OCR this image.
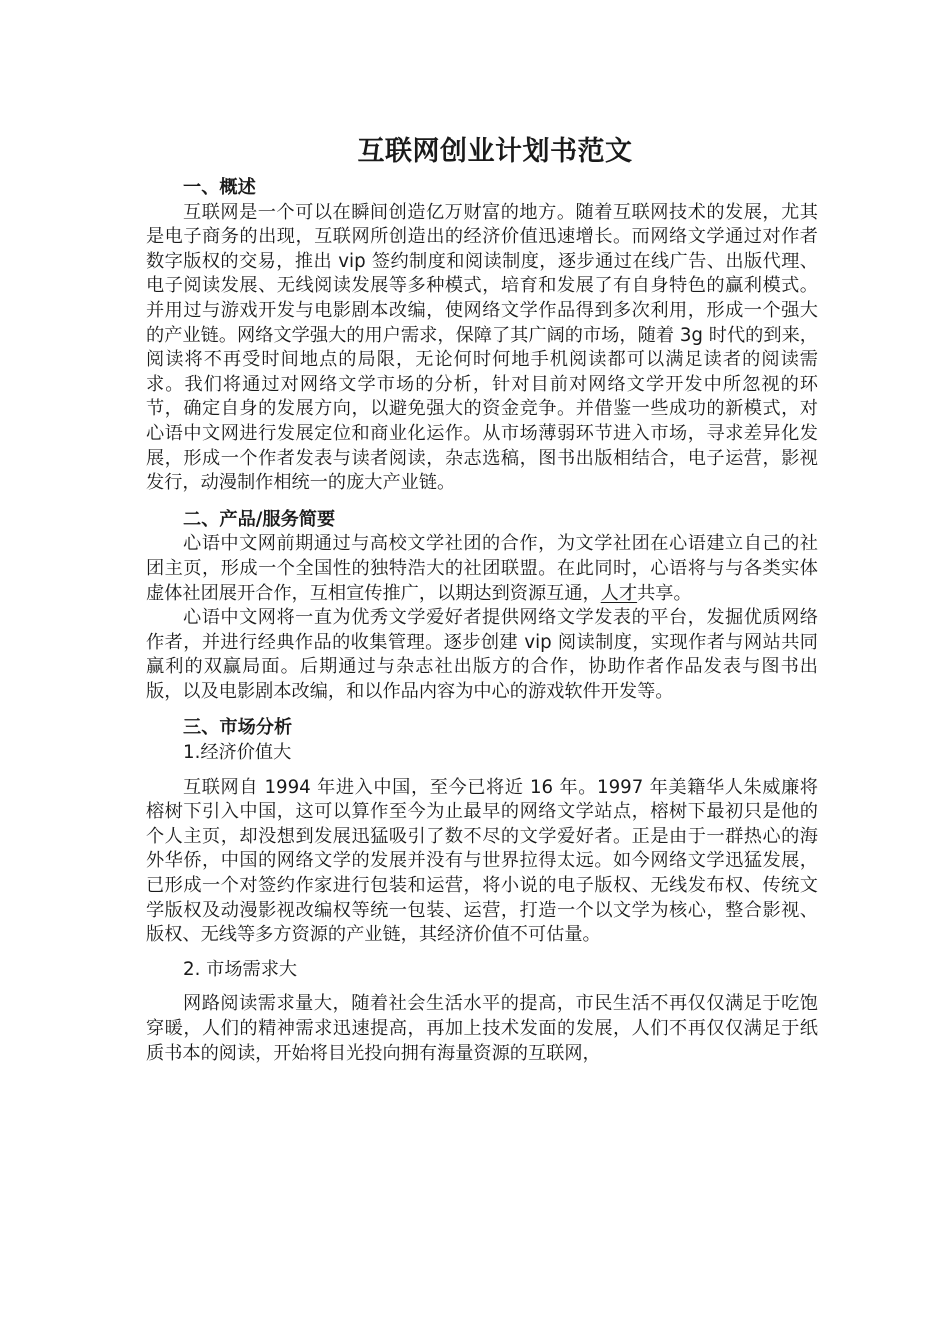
互联网创业计划书范文

一、概述

互联网是一个可以在瞬间创造亿万财富的地方。随着互联网技术的发展，尤其是电子商务的出现，互联网所创造出的经济价值迅速增长。而网络文学通过对作者数字版权的交易，推出 vip 签约制度和阅读制度，逐步通过在线广告、出版代理、电子阅读发展、无线阅读发展等多种模式，培育和发展了有自身特色的赢利模式。并用过与游戏开发与电影剧本改编，使网络文学作品得到多次利用，形成一个强大的产业链。网络文学强大的用户需求，保障了其广阔的市场，随着 3g 时代的到来，阅读将不再受时间地点的局限，无论何时何地手机阅读都可以满足读者的阅读需求。我们将通过对网络文学市场的分析，针对目前对网络文学开发中所忽视的环节，确定自身的发展方向，以避免强大的资金竞争。并借鉴一些成功的新模式，对心语中文网进行发展定位和商业化运作。从市场薄弱环节进入市场，寻求差异化发展，形成一个作者发表与读者阅读，杂志选稿，图书出版相结合，电子运营，影视发行，动漫制作相统一的庞大产业链。

二、产品/服务简要

心语中文网前期通过与高校文学社团的合作，为文学社团在心语建立自己的社团主页，形成一个全国性的独特浩大的社团联盟。在此同时，心语将与与各类实体虚体社团展开合作，互相宣传推广，以期达到资源互通，人才共享。

心语中文网将一直为优秀文学爱好者提供网络文学发表的平台，发掘优质网络作者，并进行经典作品的收集管理。逐步创建 vip 阅读制度，实现作者与网站共同赢利的双赢局面。后期通过与杂志社出版方的合作，协助作者作品发表与图书出版，以及电影剧本改编，和以作品内容为中心的游戏软件开发等。

三、市场分析

1.经济价值大

互联网自 1994 年进入中国，至今已将近 16 年。1997 年美籍华人朱威廉将榕树下引入中国，这可以算作至今为止最早的网络文学站点，榕树下最初只是他的个人主页，却没想到发展迅猛吸引了数不尽的文学爱好者。正是由于一群热心的海外华侨，中国的网络文学的发展并没有与世界拉得太远。如今网络文学迅猛发展，已形成一个对签约作家进行包装和运营，将小说的电子版权、无线发布权、传统文学版权及动漫影视改编权等统一包装、运营，打造一个以文学为核心，整合影视、版权、无线等多方资源的产业链，其经济价值不可估量。

2. 市场需求大

网路阅读需求量大，随着社会生活水平的提高，市民生活不再仅仅满足于吃饱穿暖，人们的精神需求迅速提高，再加上技术发面的发展，人们不再仅仅满足于纸质书本的阅读，开始将目光投向拥有海量资源的互联网，
